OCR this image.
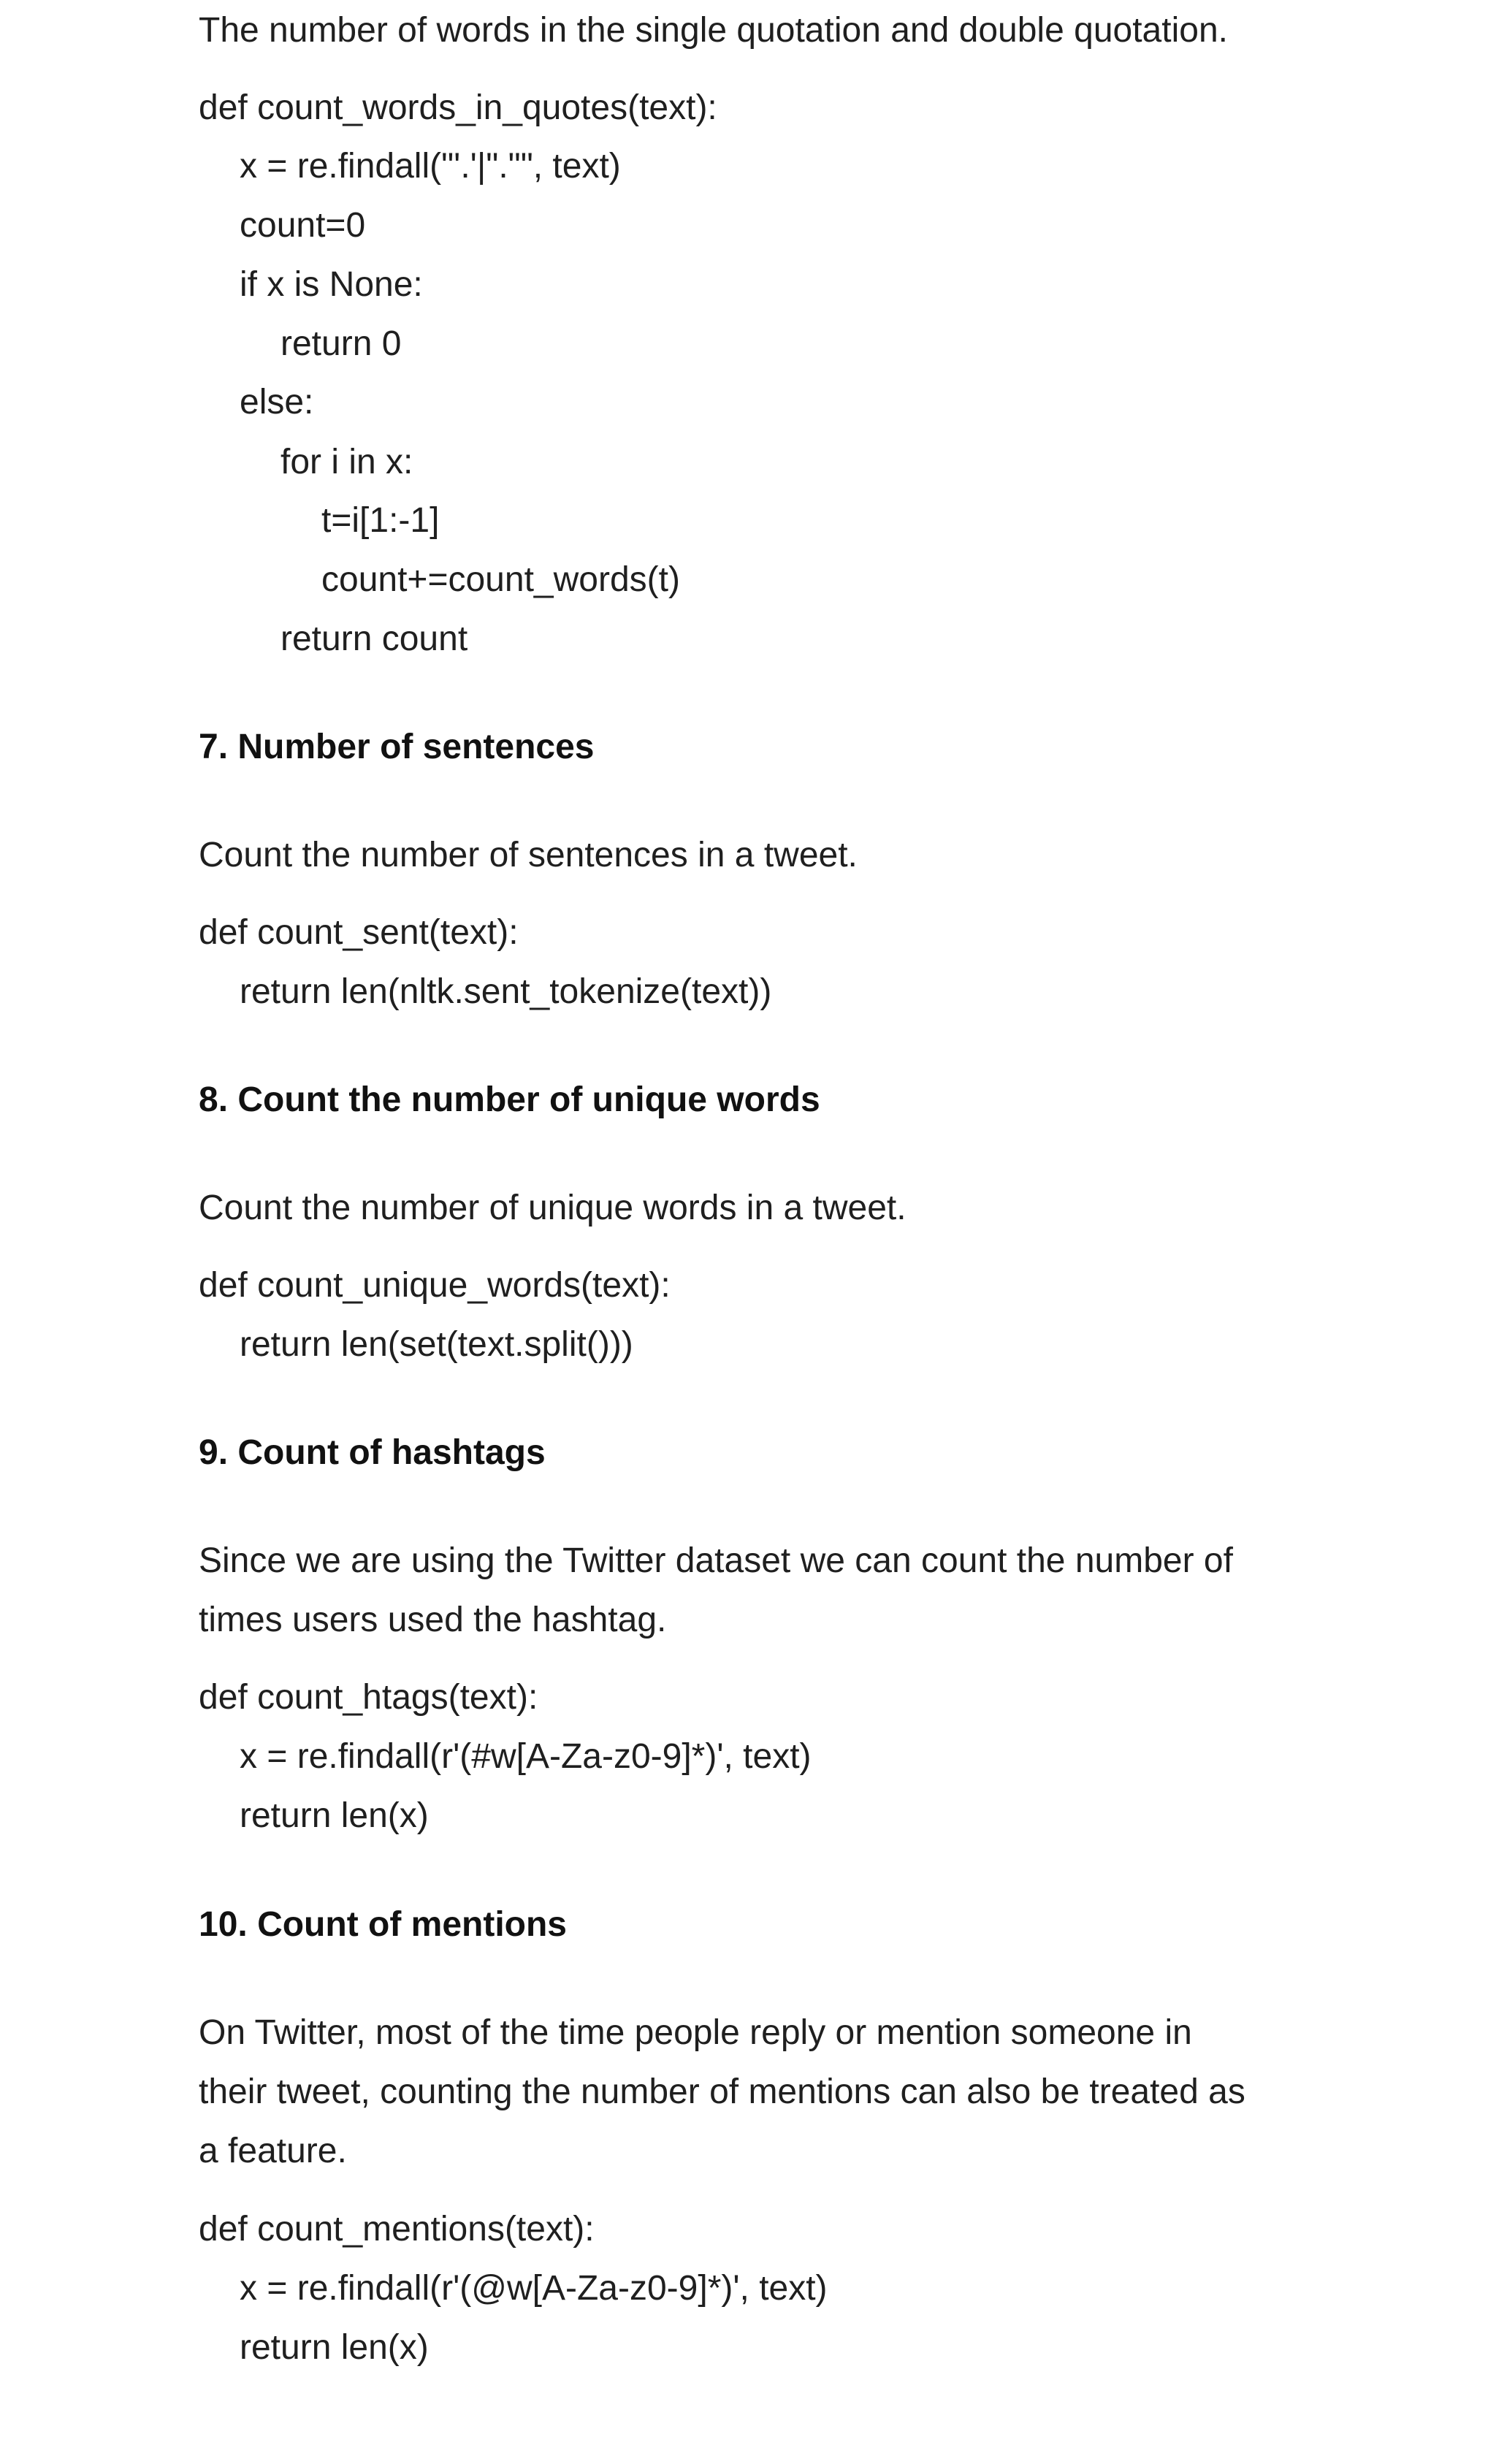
The number of words in the single quotation and double quotation.
def count_words_in_quotes(text):
x = re.findall("'.'|"."", text)
count=0
if x is None:
return 0
else:
for i in x:
t=i[1:-1]
count+=count_words(t)
return count
7. Number of sentences
Count the number of sentences in a tweet.
def count_sent(text):
return len(nltk.sent_tokenize(text))
8. Count the number of unique words
Count the number of unique words in a tweet.
def count_unique_words(text):
return len(set(text.split()))
9. Count of hashtags
Since we are using the Twitter dataset we can count the number of
times users used the hashtag.
def count_htags(text):
x = re.findall(r'(#w[A-Za-z0-9]*)', text)
return len(x)
10. Count of mentions
On Twitter, most of the time people reply or mention someone in
their tweet, counting the number of mentions can also be treated as
a feature.
def count_mentions(text):
x = re.findall(r'(@w[A-Za-z0-9]*)', text)
return len(x)
